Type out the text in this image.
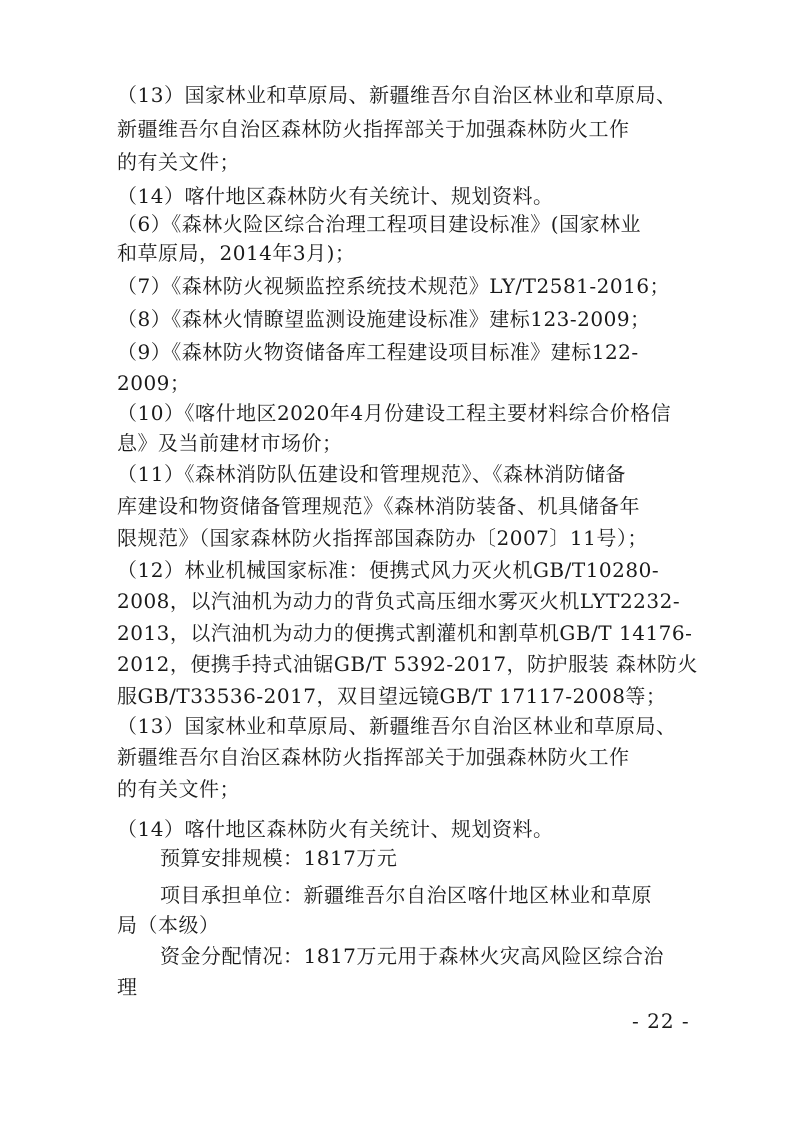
（13）国家林业和草原局、新疆维吾尔自治区林业和草原局、
新疆维吾尔自治区森林防火指挥部关于加强森林防火工作
的有关文件；
（14）喀什地区森林防火有关统计、规划资料。
（6）《森林火险区综合治理工程项目建设标准》(国家林业
和草原局，2014年3月)；
（7）《森林防火视频监控系统技术规范》LY/T2581-2016；
（8）《森林火情瞭望监测设施建设标准》建标123-2009；
（9）《森林防火物资储备库工程建设项目标准》建标122-
2009；
（10）《喀什地区2020年4月份建设工程主要材料综合价格信
息》及当前建材市场价；
（11）《森林消防队伍建设和管理规范》、《森林消防储备
库建设和物资储备管理规范》《森林消防装备、机具储备年
限规范》（国家森林防火指挥部国森防办〔2007〕11号）；
（12）林业机械国家标准：便携式风力灭火机GB/T10280-
2008，以汽油机为动力的背负式高压细水雾灭火机LYT2232-
2013，以汽油机为动力的便携式割灌机和割草机GB/T 14176-
2012，便携手持式油锯GB/T 5392-2017，防护服装 森林防火
服GB/T33536-2017，双目望远镜GB/T 17117-2008等；
（13）国家林业和草原局、新疆维吾尔自治区林业和草原局、
新疆维吾尔自治区森林防火指挥部关于加强森林防火工作
的有关文件；
（14）喀什地区森林防火有关统计、规划资料。
预算安排规模：1817万元
项目承担单位：新疆维吾尔自治区喀什地区林业和草原
局（本级）
资金分配情况：1817万元用于森林火灾高风险区综合治
理
- 22 -
